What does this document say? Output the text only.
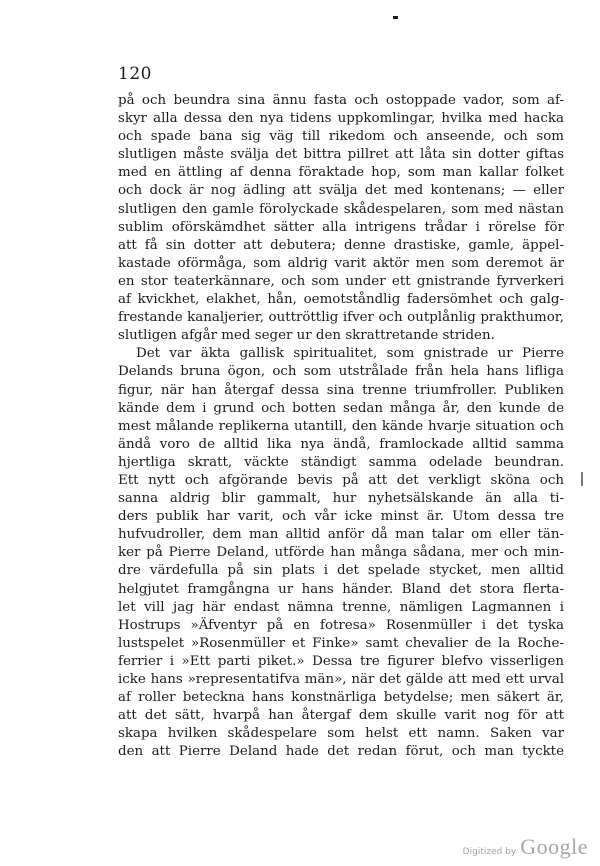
120
på och beundra sina ännu fasta och ostoppade vador, som af-
skyr alla dessa den nya tidens uppkomlingar, hvilka med hacka
och spade bana sig väg till rikedom och anseende, och som
slutligen måste svälja det bittra pillret att låta sin dotter giftas
med en ättling af denna föraktade hop, som man kallar folket
och dock är nog ädling att svälja det med kontenans; — eller
slutligen den gamle förolyckade skådespelaren, som med nästan
sublim oförskämdhet sätter alla intrigens trådar i rörelse för
att få sin dotter att debutera; denne drastiske, gamle, äppel-
kastade oförmåga, som aldrig varit aktör men som deremot är
en stor teaterkännare, och som under ett gnistrande fyrverkeri
af kvickhet, elakhet, hån, oemotståndlig fadersömhet och galg-
frestande kanaljerier, outtröttlig ifver och outplånlig prakthumor,
slutligen afgår med seger ur den skrattretande striden.
Det var äkta gallisk spiritualitet, som gnistrade ur Pierre
Delands bruna ögon, och som utstrålade från hela hans lifliga
figur, när han återgaf dessa sina trenne triumfroller. Publiken
kände dem i grund och botten sedan många år, den kunde de
mest målande replikerna utantill, den kände hvarje situation och
ändå voro de alltid lika nya ändå, framlockade alltid samma
hjertliga skratt, väckte ständigt samma odelade beundran.
Ett nytt och afgörande bevis på att det verkligt sköna och
sanna aldrig blir gammalt, hur nyhetsälskande än alla ti-
ders publik har varit, och vår icke minst är. Utom dessa tre
hufvudroller, dem man alltid anför då man talar om eller tän-
ker på Pierre Deland, utförde han många sådana, mer och min-
dre värdefulla på sin plats i det spelade stycket, men alltid
helgjutet framgångna ur hans händer. Bland det stora flerta-
let vill jag här endast nämna trenne, nämligen Lagmannen i
Hostrups »Äfventyr på en fotresa» Rosenmüller i det tyska
lustspelet »Rosenmüller et Finke» samt chevalier de la Roche-
ferrier i »Ett parti piket.» Dessa tre figurer blefvo visserligen
icke hans »representatifva män», när det gälde att med ett urval
af roller beteckna hans konstnärliga betydelse; men säkert är,
att det sätt, hvarpå han återgaf dem skulle varit nog för att
skapa hvilken skådespelare som helst ett namn. Saken var
den att Pierre Deland hade det redan förut, och man tyckte
Digitized by Google
